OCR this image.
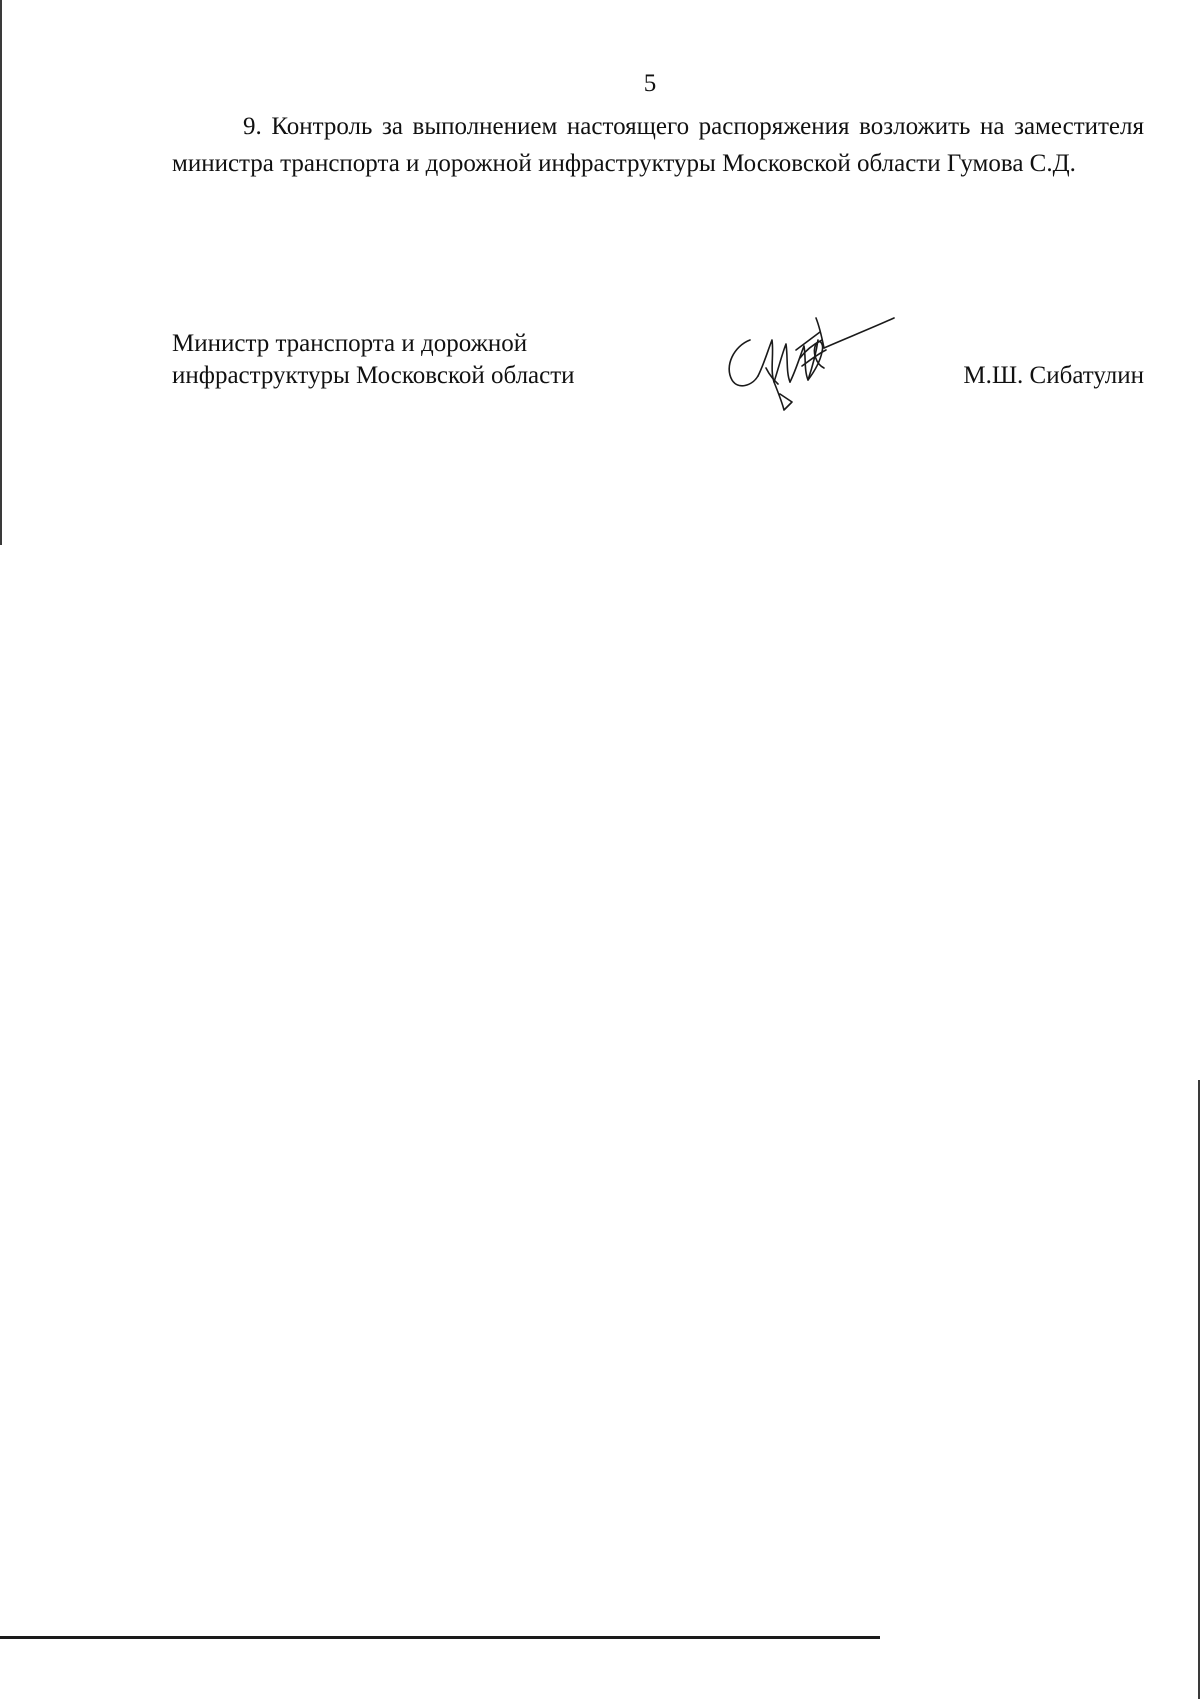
5

9. Контроль за выполнением настоящего распоряжения возложить на заместителя министра транспорта и дорожной инфраструктуры Московской области Гумова С.Д.

Министр транспорта и дорожной
инфраструктуры Московской области	М.Ш. Сибатулин
